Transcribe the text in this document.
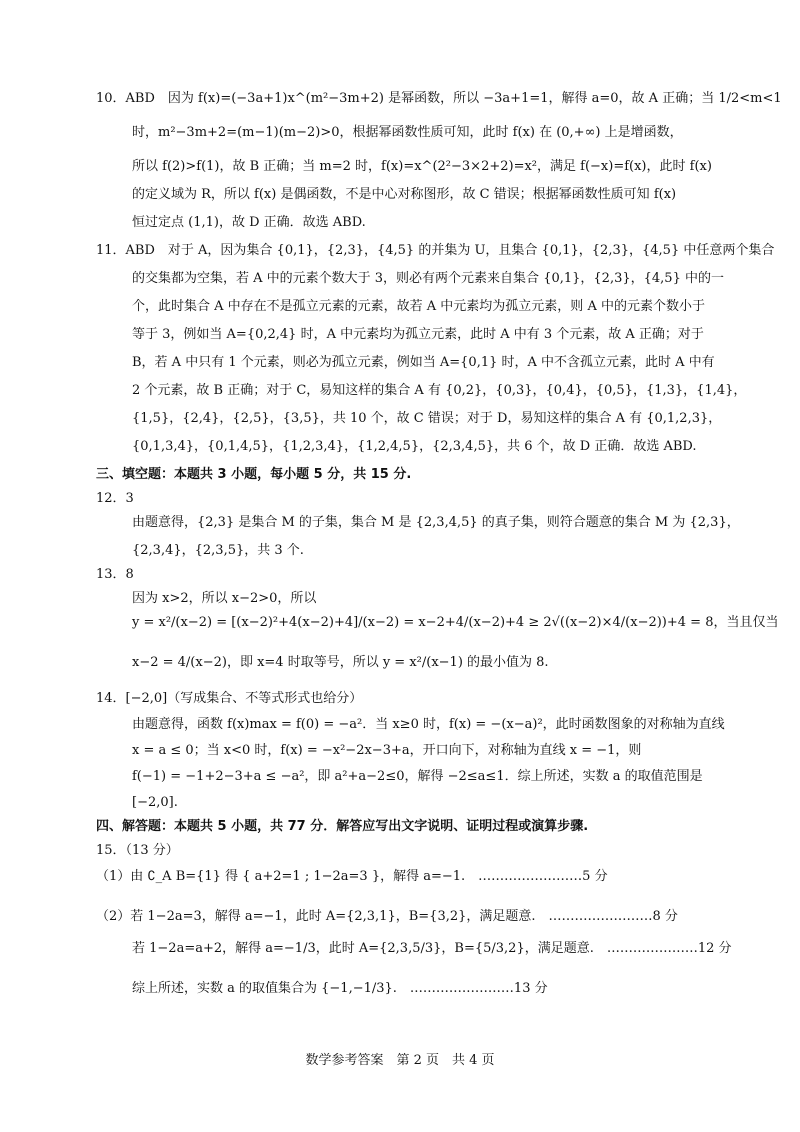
10．ABD　因为 f(x)=(−3a+1)x^(m²−3m+2) 是幂函数，所以 −3a+1=1，解得 a=0，故 A 正确；当 1/2<m<1
时，m²−3m+2=(m−1)(m−2)>0，根据幂函数性质可知，此时 f(x) 在 (0,+∞) 上是增函数，
所以 f(2)>f(1)，故 B 正确；当 m=2 时，f(x)=x^(2²−3×2+2)=x²，满足 f(−x)=f(x)，此时 f(x)
的定义域为 R，所以 f(x) 是偶函数，不是中心对称图形，故 C 错误；根据幂函数性质可知 f(x)
恒过定点 (1,1)，故 D 正确．故选 ABD.
11．ABD　对于 A，因为集合 {0,1}，{2,3}，{4,5} 的并集为 U，且集合 {0,1}，{2,3}，{4,5} 中任意两个集合
的交集都为空集，若 A 中的元素个数大于 3，则必有两个元素来自集合 {0,1}，{2,3}，{4,5} 中的一
个，此时集合 A 中存在不是孤立元素的元素，故若 A 中元素均为孤立元素，则 A 中的元素个数小于
等于 3，例如当 A={0,2,4} 时，A 中元素均为孤立元素，此时 A 中有 3 个元素，故 A 正确；对于
B，若 A 中只有 1 个元素，则必为孤立元素，例如当 A={0,1} 时，A 中不含孤立元素，此时 A 中有
2 个元素，故 B 正确；对于 C，易知这样的集合 A 有 {0,2}，{0,3}，{0,4}，{0,5}，{1,3}，{1,4}，
{1,5}，{2,4}，{2,5}，{3,5}，共 10 个，故 C 错误；对于 D，易知这样的集合 A 有 {0,1,2,3}，
{0,1,3,4}，{0,1,4,5}，{1,2,3,4}，{1,2,4,5}，{2,3,4,5}，共 6 个，故 D 正确．故选 ABD.
三、填空题：本题共 3 小题，每小题 5 分，共 15 分.
12．3
由题意得，{2,3} 是集合 M 的子集，集合 M 是 {2,3,4,5} 的真子集，则符合题意的集合 M 为 {2,3}，
{2,3,4}，{2,3,5}，共 3 个.
13．8
因为 x>2，所以 x−2>0，所以
y = x²/(x−2) = [(x−2)²+4(x−2)+4]/(x−2) = x−2+4/(x−2)+4 ≥ 2√((x−2)×4/(x−2))+4 = 8，当且仅当
x−2 = 4/(x−2)，即 x=4 时取等号，所以 y = x²/(x−1) 的最小值为 8.
14．[−2,0]（写成集合、不等式形式也给分）
由题意得，函数 f(x)max = f(0) = −a²．当 x≥0 时，f(x) = −(x−a)²，此时函数图象的对称轴为直线
x = a ≤ 0；当 x<0 时，f(x) = −x²−2x−3+a，开口向下，对称轴为直线 x = −1，则
f(−1) = −1+2−3+a ≤ −a²，即 a²+a−2≤0，解得 −2≤a≤1．综上所述，实数 a 的取值范围是
[−2,0].
四、解答题：本题共 5 小题，共 77 分．解答应写出文字说明、证明过程或演算步骤.
15．（13 分）
（1）由 ∁_A B={1} 得 { a+2=1 ; 1−2a=3 }，解得 a=−1.　……………………5 分
（2）若 1−2a=3，解得 a=−1，此时 A={2,3,1}，B={3,2}，满足题意.　……………………8 分
若 1−2a=a+2，解得 a=−1/3，此时 A={2,3,5/3}，B={5/3,2}，满足题意.　…………………12 分
综上所述，实数 a 的取值集合为 {−1,−1/3}.　……………………13 分
数学参考答案　第 2 页　共 4 页
